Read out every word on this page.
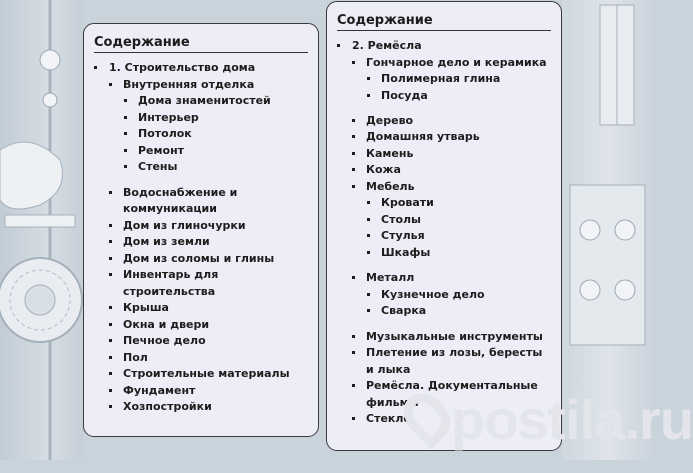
Содержание
1. Строительство дома
Внутренняя отделка
Дома знаменитостей
Интерьер
Потолок
Ремонт
Стены
Водоснабжение и
коммуникации
Дом из глиночурки
Дом из земли
Дом из соломы и глины
Инвентарь для
строительства
Крыша
Окна и двери
Печное дело
Пол
Строительные материалы
Фундамент
Хозпостройки
Содержание
2. Ремёсла
Гончарное дело и керамика
Полимерная глина
Посуда
Дерево
Домашняя утварь
Камень
Кожа
Мебель
Кровати
Столы
Стулья
Шкафы
Металл
Кузнечное дело
Сварка
Музыкальные инструменты
Плетение из лозы, бересты
и лыка
Ремёсла. Документальные
фильмы
Стекло postila.ru
